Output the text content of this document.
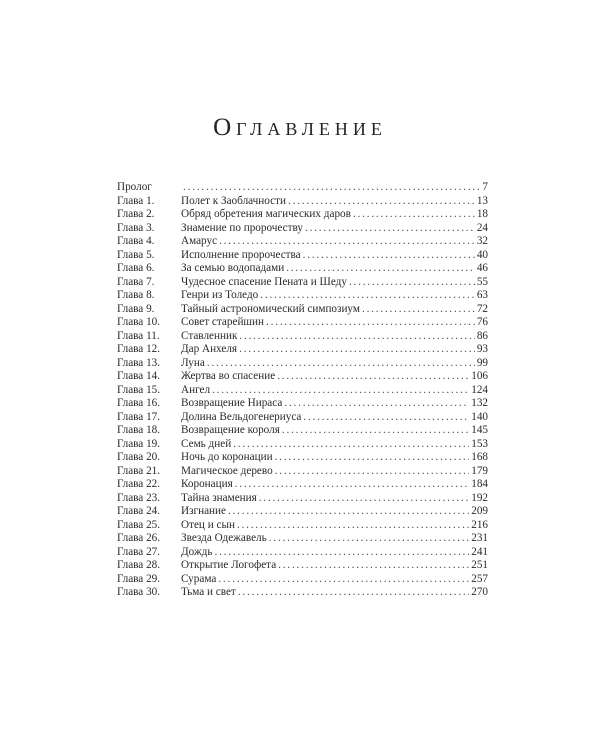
Оглавление
Пролог . . .	7
Глава 1.	Полет к Заоблачности . . .	13
Глава 2.	Обряд обретения магических даров . . .	18
Глава 3.	Знамение по пророчеству . . .	24
Глава 4.	Амарус . . .	32
Глава 5.	Исполнение пророчества . . .	40
Глава 6.	За семью водопадами . . .	46
Глава 7.	Чудесное спасение Пената и Шеду . . .	55
Глава 8.	Генри из Толедо . . .	63
Глава 9.	Тайный астрономический симпозиум . . .	72
Глава 10.	Совет старейшин . . .	76
Глава 11.	Ставленник . . .	86
Глава 12.	Дар Анхеля . . .	93
Глава 13.	Луна . . .	99
Глава 14.	Жертва во спасение . . .	106
Глава 15.	Ангел . . .	124
Глава 16.	Возвращение Нираса . . .	132
Глава 17.	Долина Вельдогенериуса . . .	140
Глава 18.	Возвращение короля . . .	145
Глава 19.	Семь дней . . .	153
Глава 20.	Ночь до коронации . . .	168
Глава 21.	Магическое дерево . . .	179
Глава 22.	Коронация . . .	184
Глава 23.	Тайна знамения . . .	192
Глава 24.	Изгнание . . .	209
Глава 25.	Отец и сын . . .	216
Глава 26.	Звезда Одежавель . . .	231
Глава 27.	Дождь . . .	241
Глава 28.	Открытие Логофета . . .	251
Глава 29.	Сурама . . .	257
Глава 30.	Тьма и свет . . .	270
